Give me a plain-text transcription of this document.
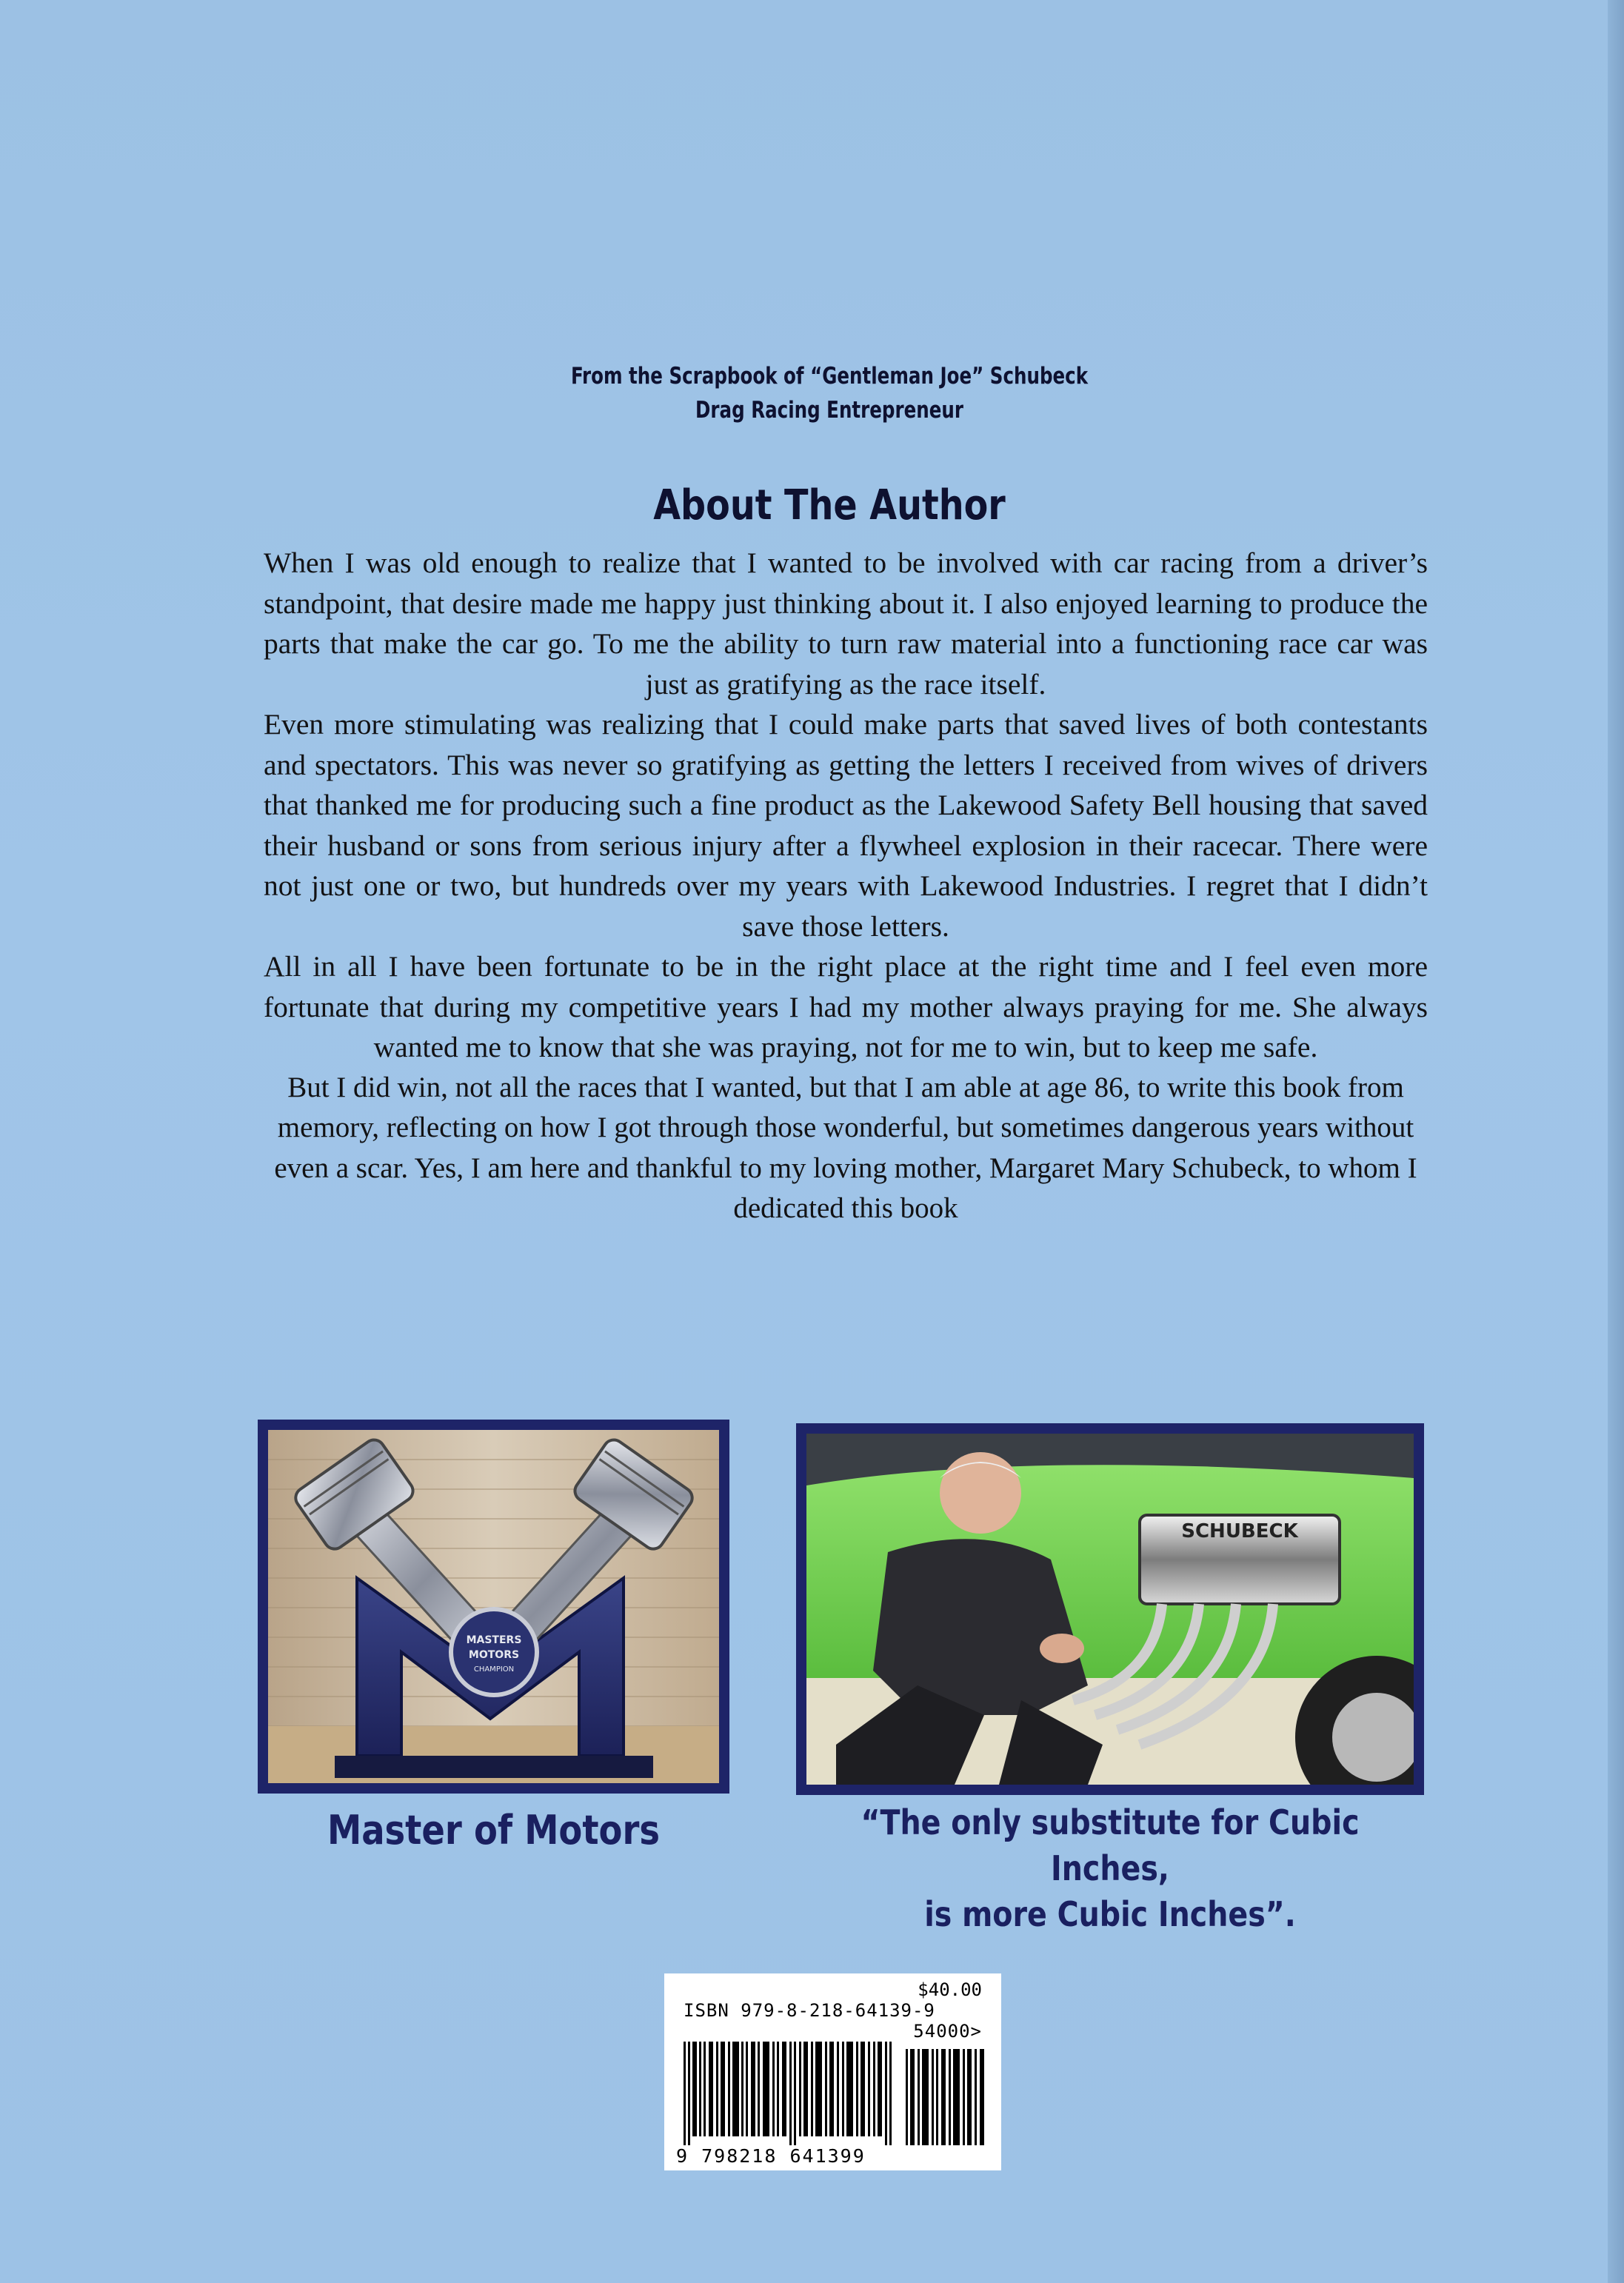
From the Scrapbook of “Gentleman Joe” Schubeck
Drag Racing Entrepreneur
About The Author

When I was old enough to realize that I wanted to be involved with car racing from a driver’s standpoint, that desire made me happy just thinking about it. I also enjoyed learning to produce the parts that make the car go. To me the ability to turn raw material into a functioning race car was just as gratifying as the race itself.

Even more stimulating was realizing that I could make parts that saved lives of both contestants and spectators. This was never so gratifying as getting the letters I received from wives of drivers that thanked me for producing such a fine product as the Lakewood Safety Bell housing that saved their husband or sons from serious injury after a flywheel explosion in their racecar. There were not just one or two, but hundreds over my years with Lakewood Industries. I regret that I didn’t save those letters.

All in all I have been fortunate to be in the right place at the right time and I feel even more fortunate that during my competitive years I had my mother always praying for me. She always wanted me to know that she was praying, not for me to win, but to keep me safe.

But I did win, not all the races that I wanted, but that I am able at age 86, to write this book from memory, reflecting on how I got through those wonderful, but sometimes dangerous years without even a scar. Yes, I am here and thankful to my loving mother, Margaret Mary Schubeck, to whom I dedicated this book

MASTERS
MOTORS
CHAMPION
SCHUBECK
Master of Motors	“The only substitute for Cubic Inches,
is more Cubic Inches”.
$40.00
ISBN 979-8-218-64139-9
54000>
9 798218 641399
